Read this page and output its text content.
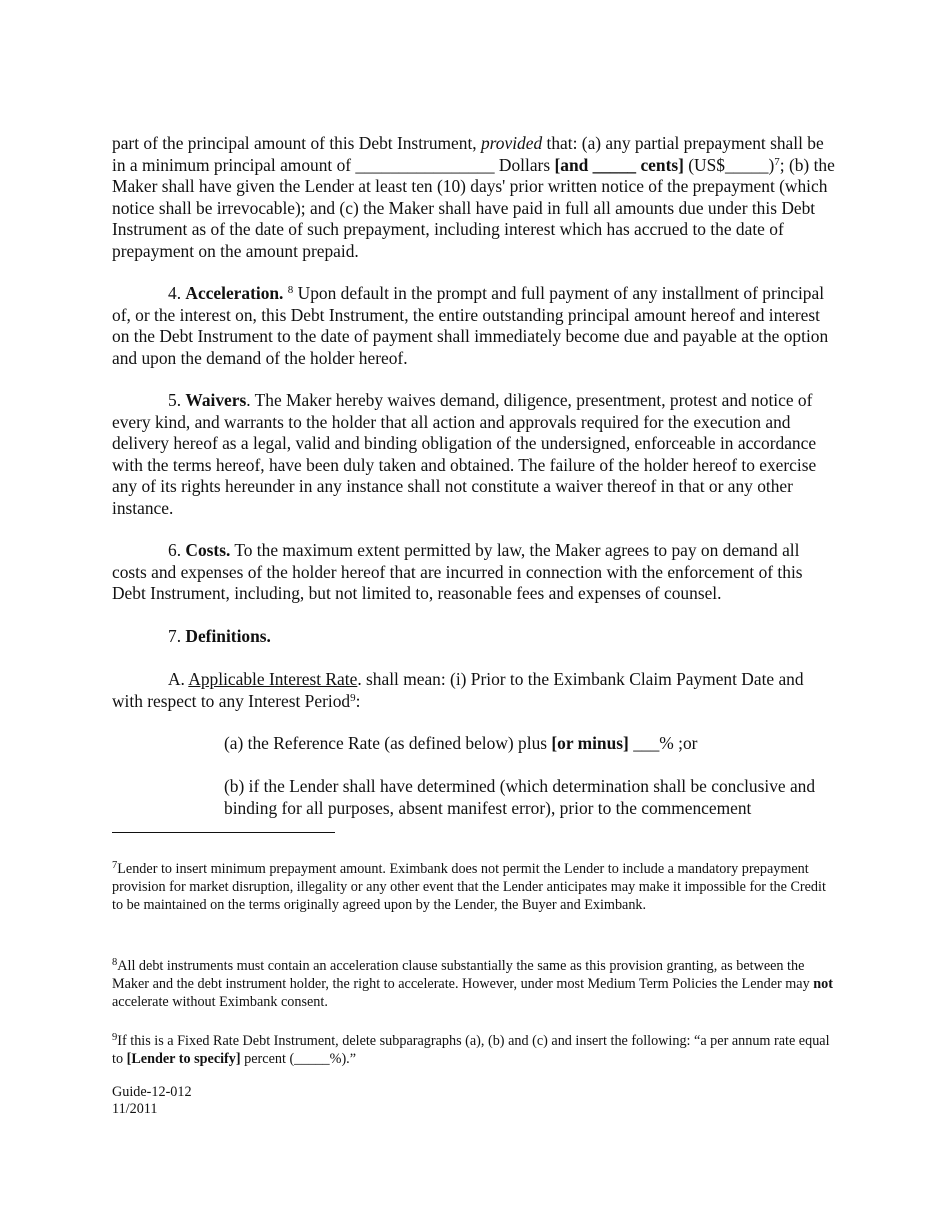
part of the principal amount of this Debt Instrument, provided that: (a) any partial prepayment shall be in a minimum principal amount of ________________ Dollars [and _____ cents] (US$_____)$^7$; (b) the Maker shall have given the Lender at least ten (10) days' prior written notice of the prepayment (which notice shall be irrevocable); and (c) the Maker shall have paid in full all amounts due under this Debt Instrument as of the date of such prepayment, including interest which has accrued to the date of prepayment on the amount prepaid.

4. Acceleration. $^8$ Upon default in the prompt and full payment of any installment of principal of, or the interest on, this Debt Instrument, the entire outstanding principal amount hereof and interest on the Debt Instrument to the date of payment shall immediately become due and payable at the option and upon the demand of the holder hereof.

5. Waivers. The Maker hereby waives demand, diligence, presentment, protest and notice of every kind, and warrants to the holder that all action and approvals required for the execution and delivery hereof as a legal, valid and binding obligation of the undersigned, enforceable in accordance with the terms hereof, have been duly taken and obtained. The failure of the holder hereof to exercise any of its rights hereunder in any instance shall not constitute a waiver thereof in that or any other instance.

6. Costs. To the maximum extent permitted by law, the Maker agrees to pay on demand all costs and expenses of the holder hereof that are incurred in connection with the enforcement of this Debt Instrument, including, but not limited to, reasonable fees and expenses of counsel.

7. Definitions.

A. Applicable Interest Rate. shall mean: (i) Prior to the Eximbank Claim Payment Date and with respect to any Interest Period$^9$:

(a) the Reference Rate (as defined below) plus [or minus] ___% ;or

(b) if the Lender shall have determined (which determination shall be conclusive and binding for all purposes, absent manifest error), prior to the commencement

$^7$Lender to insert minimum prepayment amount. Eximbank does not permit the Lender to include a mandatory prepayment provision for market disruption, illegality or any other event that the Lender anticipates may make it impossible for the Credit to be maintained on the terms originally agreed upon by the Lender, the Buyer and Eximbank.

$^8$All debt instruments must contain an acceleration clause substantially the same as this provision granting, as between the Maker and the debt instrument holder, the right to accelerate. However, under most Medium Term Policies the Lender may not accelerate without Eximbank consent.

$^9$If this is a Fixed Rate Debt Instrument, delete subparagraphs (a), (b) and (c) and insert the following: “a per annum rate equal to [Lender to specify] percent (_____%).”

Guide-12-012
11/2011
